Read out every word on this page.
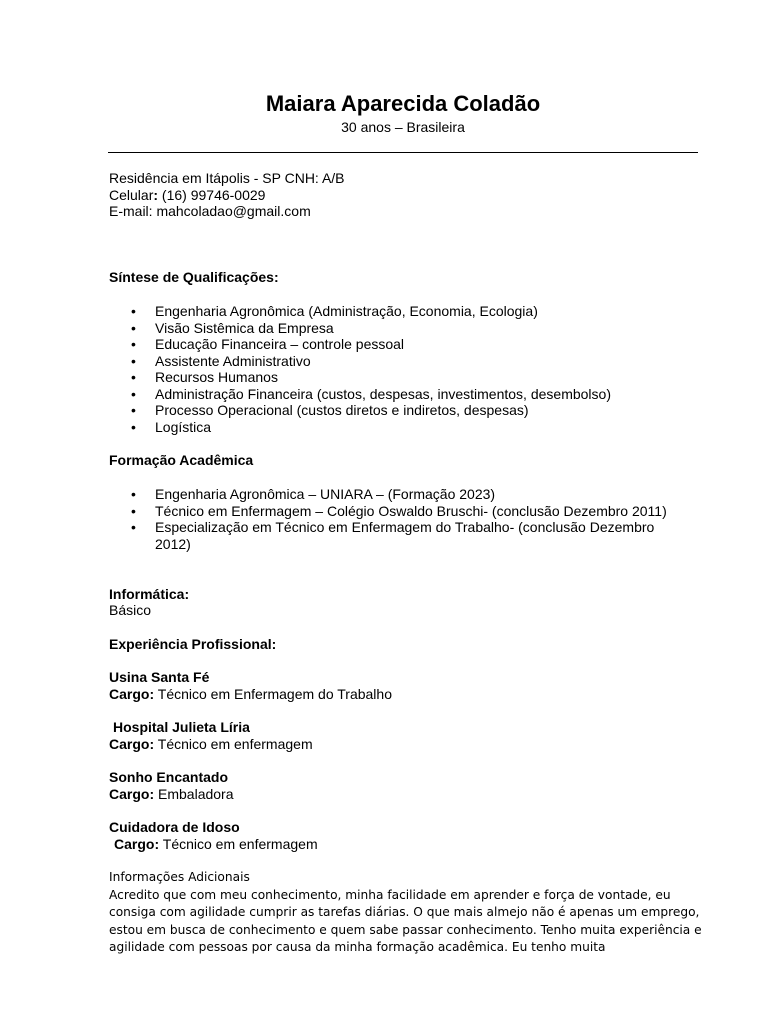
Maiara Aparecida Coladão
30 anos – Brasileira
Residência em Itápolis - SP CNH: A/B
Celular: (16) 99746-0029
E-mail: mahcoladao@gmail.com
Síntese de Qualificações:
• Engenharia Agronômica (Administração, Economia, Ecologia)
• Visão Sistêmica da Empresa
• Educação Financeira – controle pessoal
• Assistente Administrativo
• Recursos Humanos
• Administração Financeira (custos, despesas, investimentos, desembolso)
• Processo Operacional (custos diretos e indiretos, despesas)
• Logística
Formação Acadêmica
• Engenharia Agronômica – UNIARA – (Formação 2023)
• Técnico em Enfermagem – Colégio Oswaldo Bruschi- (conclusão Dezembro 2011)
• Especialização em Técnico em Enfermagem do Trabalho- (conclusão Dezembro 2012)
Informática:
Básico
Experiência Profissional:
Usina Santa Fé
Cargo: Técnico em Enfermagem do Trabalho
Hospital Julieta Líria
Cargo: Técnico em enfermagem
Sonho Encantado
Cargo: Embaladora
Cuidadora de Idoso
Cargo: Técnico em enfermagem
Informações Adicionais
Acredito que com meu conhecimento, minha facilidade em aprender e força de vontade, eu consiga com agilidade cumprir as tarefas diárias. O que mais almejo não é apenas um emprego, estou em busca de conhecimento e quem sabe passar conhecimento. Tenho muita experiência e agilidade com pessoas por causa da minha formação acadêmica. Eu tenho muita
